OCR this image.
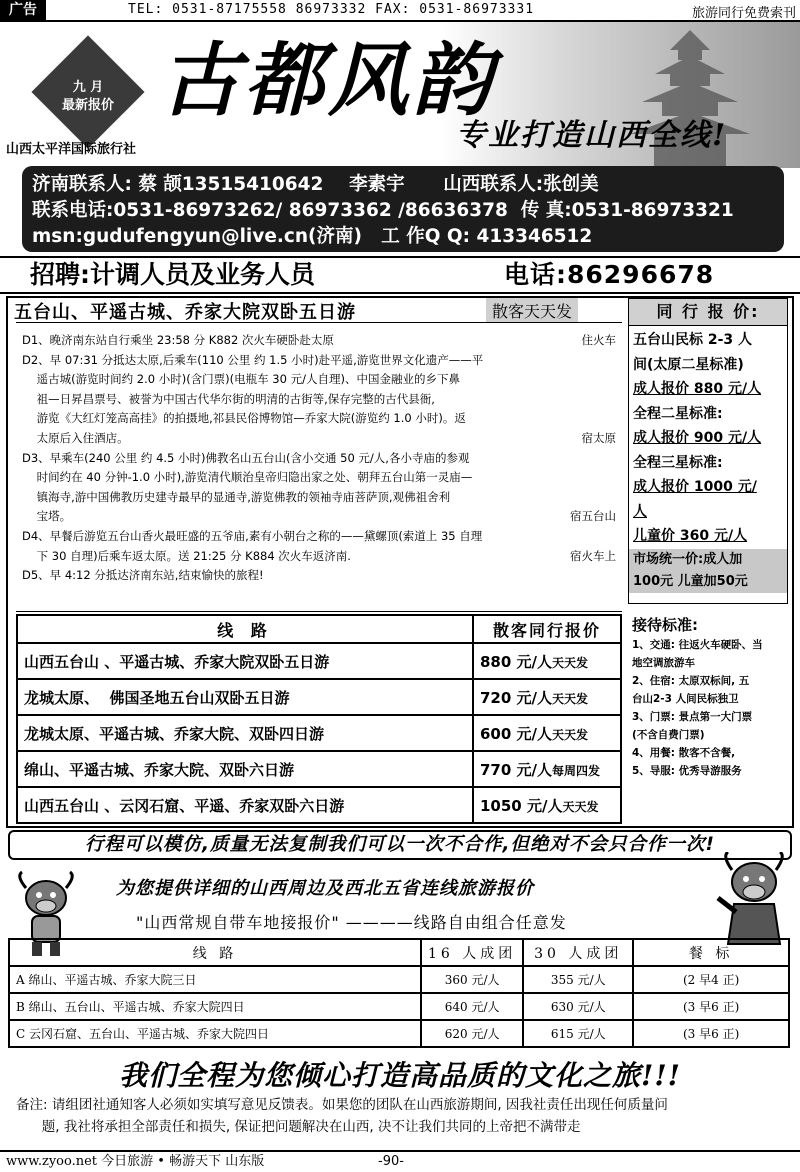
广告	TEL: 0531-87175558 86973332 FAX: 0531-86973331	旅游同行免费索刊
九 月
最新报价 古都风韵
专业打造山西全线!
山西太平洋国际旅行社
济南联系人: 蔡 颉13515410642    李素宇      山西联系人:张创美
联系电话:0531-86973262/ 86973362 /86636378  传 真:0531-86973321
msn:gudufengyun@live.cn(济南)   工 作Q Q: 413346512
招聘:计调人员及业务人员	电话:86296678
五台山、平遥古城、乔家大院双卧五日游	散客天天发
D1、晚济南东站自行乘坐 23:58 分 K882 次火车硬卧赴太原	住火车
D2、早 07:31 分抵达太原,后乘车(110 公里 约 1.5 小时)赴平遥,游览世界文化遗产——平
遥古城(游览时间约 2.0 小时)(含门票)(电瓶车 30 元/人自理)、中国金融业的乡下鼻
祖—日昇昌票号、被誉为中国古代华尔街的明清的古街等,保存完整的古代县衙,
游览《大红灯笼高高挂》的拍摄地,祁县民俗博物馆—乔家大院(游览约 1.0 小时)。返
太原后入住酒店。	宿太原
D3、早乘车(240 公里 约 4.5 小时)佛教名山五台山(含小交通 50 元/人,各小寺庙的参观
时间约在 40 分钟-1.0 小时),游览清代顺治皇帝归隐出家之处、朝拜五台山第一灵庙—
镇海寺,游中国佛教历史建寺最早的显通寺,游览佛教的领袖寺庙菩萨顶,观佛祖舍利
宝塔。	宿五台山
D4、早餐后游览五台山香火最旺盛的五爷庙,素有小朝台之称的——黛螺顶(索道上 35 自理
下 30 自理)后乘车返太原。送 21:25 分 K884 次火车返济南.	宿火车上
D5、早 4:12 分抵达济南东站,结束愉快的旅程!
同 行 报 价:
五台山民标 2-3 人
间(太原二星标准)
成人报价 880 元/人
全程二星标准:
成人报价 900 元/人
全程三星标准:
成人报价 1000 元/
人
儿童价 360 元/人
市场统一价:成人加
100元 儿童加50元
线 路	散客同行报价
山西五台山 、平遥古城、乔家大院双卧五日游	880 元/人天天发
龙城太原、  佛国圣地五台山双卧五日游	720 元/人天天发
龙城太原、平遥古城、乔家大院、双卧四日游	600 元/人天天发
绵山、平遥古城、乔家大院、双卧六日游	770 元/人每周四发
山西五台山 、云冈石窟、平遥、乔家双卧六日游	1050 元/人天天发
接待标准:
1、交通: 往返火车硬卧、当
地空调旅游车
2、住宿: 太原双标间, 五
台山2-3 人间民标独卫
3、门票: 景点第一大门票
(不含自费门票)
4、用餐: 散客不含餐,
5、导服: 优秀导游服务
行程可以模仿,质量无法复制我们可以一次不合作,但绝对不会只合作一次!
为您提供详细的山西周边及西北五省连线旅游报价
"山西常规自带车地接报价" ————线路自由组合任意发
线 路	16 人成团	30 人成团	餐 标
A 绵山、平遥古城、乔家大院三日	360 元/人	355 元/人	(2 早4 正)
B 绵山、五台山、平遥古城、乔家大院四日	640 元/人	630 元/人	(3 早6 正)
C 云冈石窟、五台山、平遥古城、乔家大院四日	620 元/人	615 元/人	(3 早6 正)
我们全程为您倾心打造高品质的文化之旅!!!
备注: 请组团社通知客人必须如实填写意见反馈表。如果您的团队在山西旅游期间, 因我社责任出现任何质量问
题, 我社将承担全部责任和损失, 保证把问题解决在山西, 决不让我们共同的上帝把不满带走
www.zyoo.net 今日旅游 • 畅游天下 山东版	-90-
